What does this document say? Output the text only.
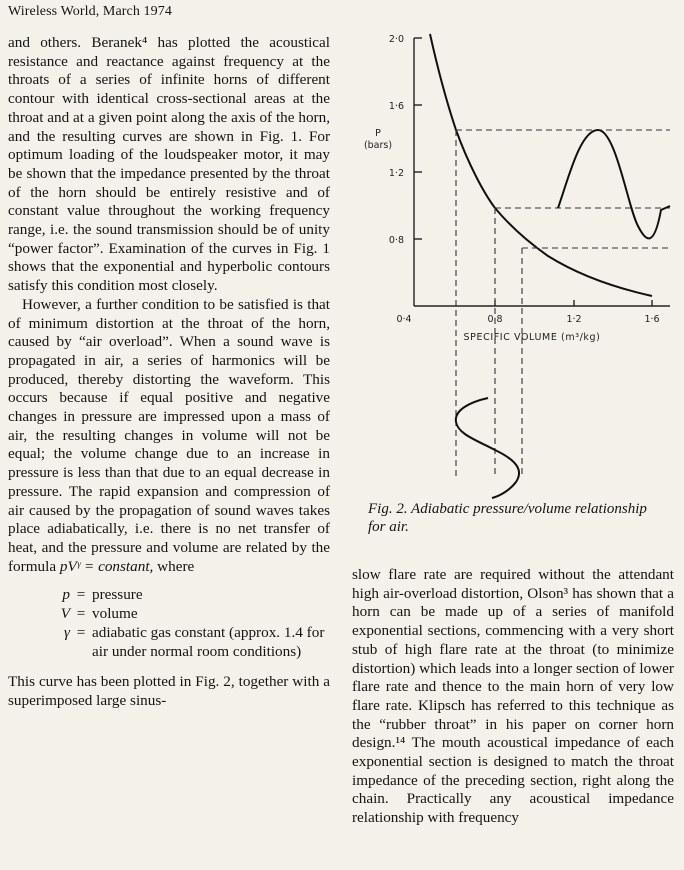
Wireless World, March 1974

and others. Beranek⁴ has plotted the acoustical resistance and reactance against frequency at the throats of a series of infinite horns of different contour with identical cross-sectional areas at the throat and at a given point along the axis of the horn, and the resulting curves are shown in Fig. 1. For optimum loading of the loudspeaker motor, it may be shown that the impedance presented by the throat of the horn should be entirely resistive and of constant value throughout the working frequency range, i.e. the sound transmission should be of unity “power factor”. Examination of the curves in Fig. 1 shows that the exponential and hyperbolic contours satisfy this condition most closely.

However, a further condition to be satisfied is that of minimum distortion at the throat of the horn, caused by “air overload”. When a sound wave is propagated in air, a series of harmonics will be produced, thereby distorting the waveform. This occurs because if equal positive and negative changes in pressure are impressed upon a mass of air, the resulting changes in volume will not be equal; the volume change due to an increase in pressure is less than that due to an equal decrease in pressure. The rapid expansion and compression of air caused by the propagation of sound waves takes place adiabatically, i.e. there is no net transfer of heat, and the pressure and volume are related by the formula pVᵞ = constant, where

p = pressure
V = volume
γ = adiabatic gas constant (approx. 1.4 for air under normal room conditions)

This curve has been plotted in Fig. 2, together with a superimposed large sinus-

2·0
1·6
1·2
0·8
P
(bars)
0·4	0·8	1·2	1·6
SPECIFIC VOLUME (m³/kg)
Fig. 2. Adiabatic pressure/volume relationship for air.

slow flare rate are required without the attendant high air-overload distortion, Olson³ has shown that a horn can be made up of a series of manifold exponential sections, commencing with a very short stub of high flare rate at the throat (to minimize distortion) which leads into a longer section of lower flare rate and thence to the main horn of very low flare rate. Klipsch has referred to this technique as the “rubber throat” in his paper on corner horn design.¹⁴ The mouth acoustical impedance of each exponential section is designed to match the throat impedance of the preceding section, right along the chain. Practically any acoustical impedance relationship with frequency
